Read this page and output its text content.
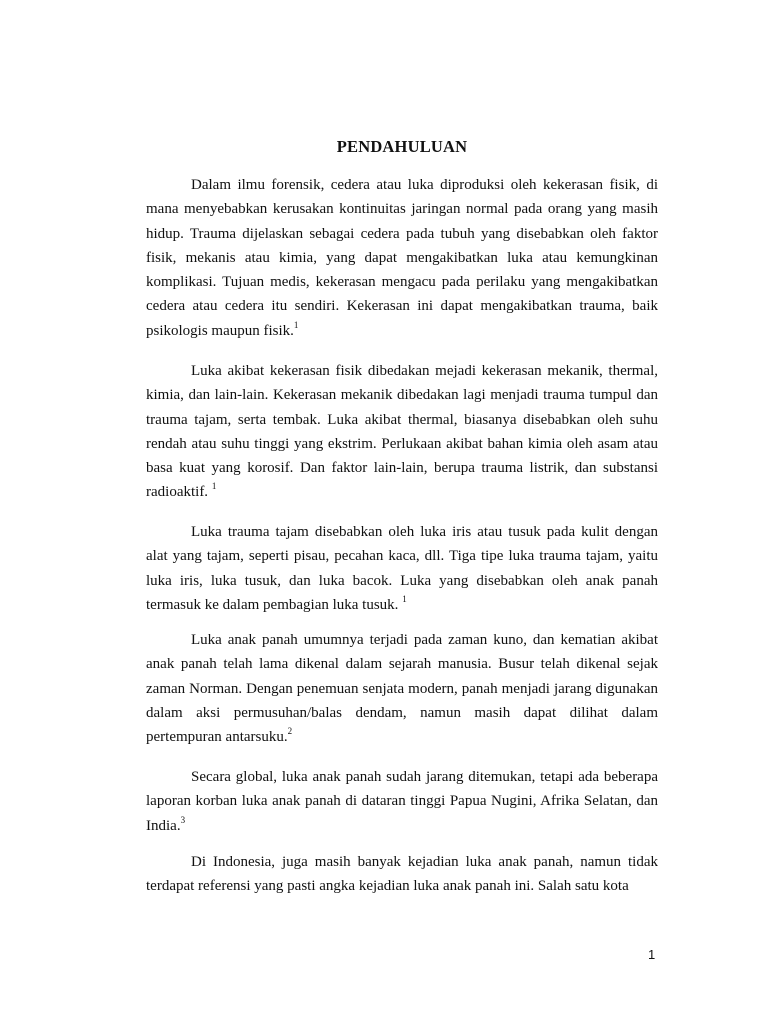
PENDAHULUAN

Dalam ilmu forensik, cedera atau luka diproduksi oleh kekerasan fisik, di mana menyebabkan kerusakan kontinuitas jaringan normal pada orang yang masih hidup. Trauma dijelaskan sebagai cedera pada tubuh yang disebabkan oleh faktor fisik, mekanis atau kimia, yang dapat mengakibatkan luka atau kemungkinan komplikasi. Tujuan medis, kekerasan mengacu pada perilaku yang mengakibatkan cedera atau cedera itu sendiri. Kekerasan ini dapat mengakibatkan trauma, baik psikologis maupun fisik.$^1$

Luka akibat kekerasan fisik dibedakan mejadi kekerasan mekanik, thermal, kimia, dan lain-lain. Kekerasan mekanik dibedakan lagi menjadi trauma tumpul dan trauma tajam, serta tembak. Luka akibat thermal, biasanya disebabkan oleh suhu rendah atau suhu tinggi yang ekstrim. Perlukaan akibat bahan kimia oleh asam atau basa kuat yang korosif. Dan faktor lain-lain, berupa trauma listrik, dan substansi radioaktif. $^1$

Luka trauma tajam disebabkan oleh luka iris atau tusuk pada kulit dengan alat yang tajam, seperti pisau, pecahan kaca, dll. Tiga tipe luka trauma tajam, yaitu luka iris, luka tusuk, dan luka bacok. Luka yang disebabkan oleh anak panah termasuk ke dalam pembagian luka tusuk. $^1$

Luka anak panah umumnya terjadi pada zaman kuno, dan kematian akibat anak panah telah lama dikenal dalam sejarah manusia. Busur telah dikenal sejak zaman Norman. Dengan penemuan senjata modern, panah menjadi jarang digunakan dalam aksi permusuhan/balas dendam, namun masih dapat dilihat dalam pertempuran antarsuku.$^2$

Secara global, luka anak panah sudah jarang ditemukan, tetapi ada beberapa laporan korban luka anak panah di dataran tinggi Papua Nugini, Afrika Selatan, dan India.$^3$

Di Indonesia, juga masih banyak kejadian luka anak panah, namun tidak terdapat referensi yang pasti angka kejadian luka anak panah ini. Salah satu kota

1
